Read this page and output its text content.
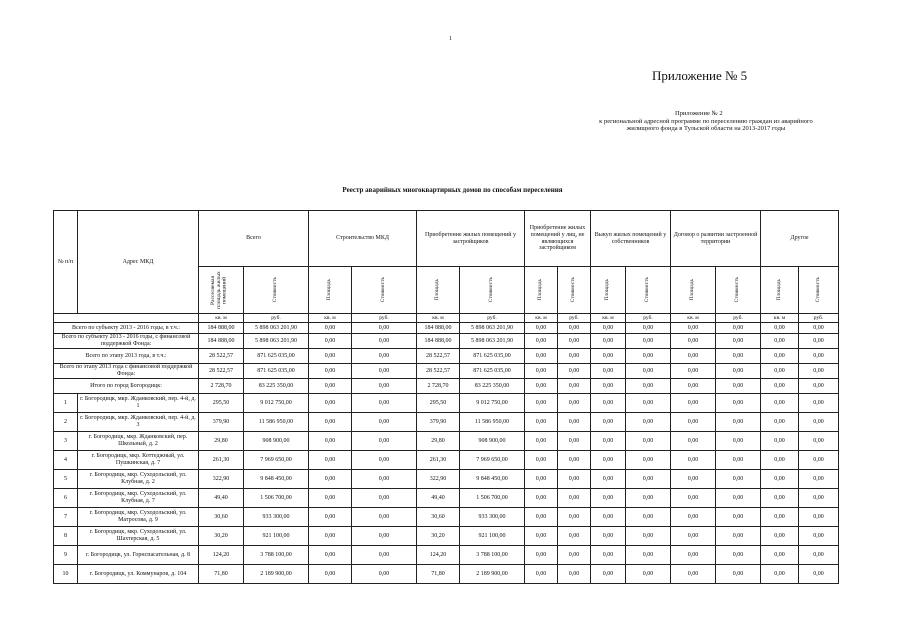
1
Приложение № 5
Приложение № 2
к региональной адресной программе по переселению граждан из аварийного
жилищного фонда в Тульской области на 2013-2017 годы
Реестр аварийных многоквартирных домов по способам переселения
№ п/п	Адрес МКД	Всего		Строительство МКД		Приобретение жилых помещений у застройщиков		Приобретение жилых помещений у лиц, не являющихся застройщиком		Выкуп жилых помещений у собственников		Договор о развитии застроенной территории		Другое	

		Расселяемая площадь жилых помещений	Стоимость	Площадь	Стоимость	Площадь	Стоимость	Площадь	Стоимость	Площадь	Стоимость	Площадь	Стоимость	Площадь	Стоимость

		кв. м	руб.	кв. м	руб.	кв. м	руб.	кв. м	руб.	кв. м	руб.	кв. м	руб.	кв. м	руб.
Всего по субъекту 2013 - 2016 годы, в т.ч.:		184 888,00	5 898 063 201,90	0,00	0,00	184 888,00	5 898 063 201,90	0,00	0,00	0,00	0,00	0,00	0,00	0,00	0,00
Всего по субъекту 2013 - 2016 годы, с финансовой поддержкой Фонда:		184 888,00	5 898 063 201,90	0,00	0,00	184 888,00	5 898 063 201,90	0,00	0,00	0,00	0,00	0,00	0,00	0,00	0,00
Всего по этапу 2013 года, в т.ч.:		28 522,57	871 625 035,00	0,00	0,00	28 522,57	871 625 035,00	0,00	0,00	0,00	0,00	0,00	0,00	0,00	0,00
Всего по этапу 2013 года с финансовой поддержкой Фонда:		28 522,57	871 625 035,00	0,00	0,00	28 522,57	871 625 035,00	0,00	0,00	0,00	0,00	0,00	0,00	0,00	0,00
Итого по город Богородицк:		2 728,70	83 225 350,00	0,00	0,00	2 728,70	83 225 350,00	0,00	0,00	0,00	0,00	0,00	0,00	0,00	0,00
1	г. Богородицк, мкр. Жданковский, пер. 4-й, д. 1	295,50	9 012 750,00	0,00	0,00	295,50	9 012 750,00	0,00	0,00	0,00	0,00	0,00	0,00	0,00	0,00
2	г. Богородицк, мкр. Жданковский, пер. 4-й, д. 3	379,90	11 586 950,00	0,00	0,00	379,90	11 586 950,00	0,00	0,00	0,00	0,00	0,00	0,00	0,00	0,00
3	г. Богородицк, мкр. Жданковский, пер. Школьный, д. 2	29,80	908 900,00	0,00	0,00	29,80	908 900,00	0,00	0,00	0,00	0,00	0,00	0,00	0,00	0,00
4	г. Богородицк, мкр. Коттеджный, ул. Пушкинская, д. 7	261,30	7 969 650,00	0,00	0,00	261,30	7 969 650,00	0,00	0,00	0,00	0,00	0,00	0,00	0,00	0,00
5	г. Богородицк, мкр. Суходольский, ул. Клубная, д. 2	322,90	9 848 450,00	0,00	0,00	322,90	9 848 450,00	0,00	0,00	0,00	0,00	0,00	0,00	0,00	0,00
6	г. Богородицк, мкр. Суходольский, ул. Клубная, д. 7	49,40	1 506 700,00	0,00	0,00	49,40	1 506 700,00	0,00	0,00	0,00	0,00	0,00	0,00	0,00	0,00
7	г. Богородицк, мкр. Суходольский, ул. Матросова, д. 9	30,60	933 300,00	0,00	0,00	30,60	933 300,00	0,00	0,00	0,00	0,00	0,00	0,00	0,00	0,00
8	г. Богородицк, мкр. Суходольский, ул. Шахтерская, д. 5	30,20	921 100,00	0,00	0,00	30,20	921 100,00	0,00	0,00	0,00	0,00	0,00	0,00	0,00	0,00
9	г. Богородицк, ул. Горнспасательная, д. 8	124,20	3 788 100,00	0,00	0,00	124,20	3 788 100,00	0,00	0,00	0,00	0,00	0,00	0,00	0,00	0,00
10	г. Богородицк, ул. Коммунаров, д. 104	71,80	2 189 900,00	0,00	0,00	71,80	2 189 900,00	0,00	0,00	0,00	0,00	0,00	0,00	0,00	0,00
